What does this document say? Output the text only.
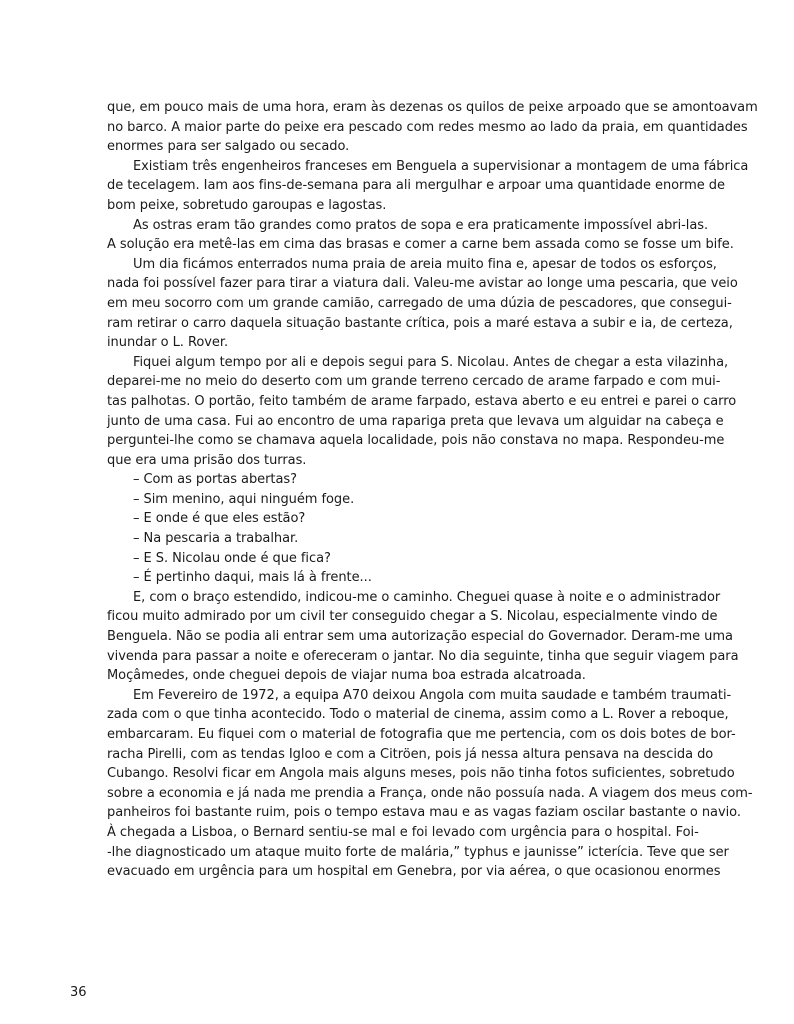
que, em pouco mais de uma hora, eram às dezenas os quilos de peixe arpoado que se amontoavam
no barco. A maior parte do peixe era pescado com redes mesmo ao lado da praia, em quantidades
enormes para ser salgado ou secado.
Existiam três engenheiros franceses em Benguela a supervisionar a montagem de uma fábrica
de tecelagem. Iam aos fins-de-semana para ali mergulhar e arpoar uma quantidade enorme de
bom peixe, sobretudo garoupas e lagostas.
As ostras eram tão grandes como pratos de sopa e era praticamente impossível abri-las.
A solução era metê-las em cima das brasas e comer a carne bem assada como se fosse um bife.
Um dia ficámos enterrados numa praia de areia muito fina e, apesar de todos os esforços,
nada foi possível fazer para tirar a viatura dali. Valeu-me avistar ao longe uma pescaria, que veio
em meu socorro com um grande camião, carregado de uma dúzia de pescadores, que consegui-
ram retirar o carro daquela situação bastante crítica, pois a maré estava a subir e ia, de certeza,
inundar o L. Rover.
Fiquei algum tempo por ali e depois segui para S. Nicolau. Antes de chegar a esta vilazinha,
deparei-me no meio do deserto com um grande terreno cercado de arame farpado e com mui-
tas palhotas. O portão, feito também de arame farpado, estava aberto e eu entrei e parei o carro
junto de uma casa. Fui ao encontro de uma rapariga preta que levava um alguidar na cabeça e
perguntei-lhe como se chamava aquela localidade, pois não constava no mapa. Respondeu-me
que era uma prisão dos turras.
– Com as portas abertas?
– Sim menino, aqui ninguém foge.
– E onde é que eles estão?
– Na pescaria a trabalhar.
– E S. Nicolau onde é que fica?
– É pertinho daqui, mais lá à frente...
E, com o braço estendido, indicou-me o caminho. Cheguei quase à noite e o administrador
ficou muito admirado por um civil ter conseguido chegar a S. Nicolau, especialmente vindo de
Benguela. Não se podia ali entrar sem uma autorização especial do Governador. Deram-me uma
vivenda para passar a noite e ofereceram o jantar. No dia seguinte, tinha que seguir viagem para
Moçâmedes, onde cheguei depois de viajar numa boa estrada alcatroada.
Em Fevereiro de 1972, a equipa A70 deixou Angola com muita saudade e também traumati-
zada com o que tinha acontecido. Todo o material de cinema, assim como a L. Rover a reboque,
embarcaram. Eu fiquei com o material de fotografia que me pertencia, com os dois botes de bor-
racha Pirelli, com as tendas Igloo e com a Citröen, pois já nessa altura pensava na descida do
Cubango. Resolvi ficar em Angola mais alguns meses, pois não tinha fotos suficientes, sobretudo
sobre a economia e já nada me prendia a França, onde não possuía nada. A viagem dos meus com-
panheiros foi bastante ruim, pois o tempo estava mau e as vagas faziam oscilar bastante o navio.
À chegada a Lisboa, o Bernard sentiu-se mal e foi levado com urgência para o hospital. Foi-
-lhe diagnosticado um ataque muito forte de malária,” typhus e jaunisse” icterícia. Teve que ser
evacuado em urgência para um hospital em Genebra, por via aérea, o que ocasionou enormes
36
